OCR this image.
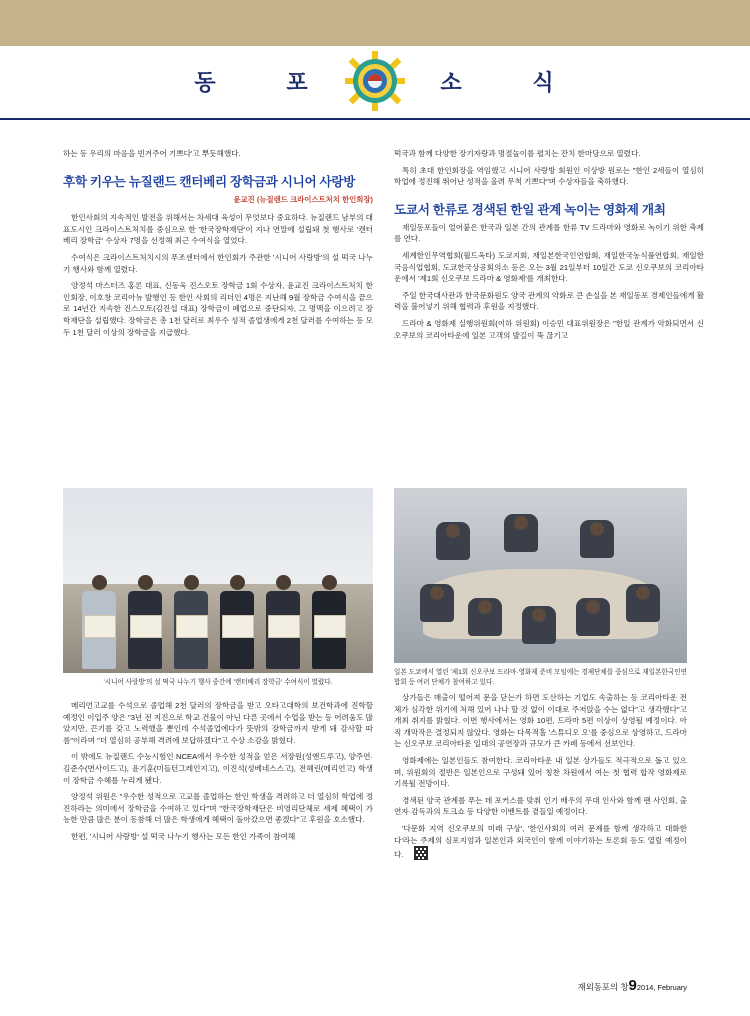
동	포	소	식

하는 등 우리의 마음을 빈겨주어 기쁘다'고 뿌듯해했다.

후학 키우는 뉴질랜드 캔터베리 장학금과 시니어 사랑방
윤교진 (뉴질랜드 크라이스트처치 한인회장)

한인사회의 지속적인 발전을 위해서는 차세대 육성이 무엇보다 중요하다. 뉴질랜드 남부의 대표도시인 크라이스트처치를 중심으로 한 '한국장학재단'이 지나 연말에 설립돼 첫 행사로 '캔터베리 장학금' 수상자 7명을 선정해 최근 수여식을 열었다.

수여식은 크라이스트처치시의 푸조센터에서 한인회가 주관한 '시니어 사랑방'의 설 떡국 나누기 행사와 함께 열렸다.

양정석 마스터즈 홍론 대표, 신동욱 진스오토 장학금 1회 수상자, 윤교진 크라이스트처치 한인회장, 이호창 코리아뉴 발행인 등 한인 사회의 리더인 4명은 지난해 9월 장학금 수여식을 끝으로 14년간 지속한 진스오토(김진섭 대표) 장학금이 폐업으로 중단되자, 그 명맥을 이으려고 장학재단을 설립했다. 장학금은 총 1천 달러로 최우수 성적 졸업생에게 2천 달러를 수여하는 등 모두 1천 달러 이상의 장학금을 지급했다.

떡국과 함께 다양한 장기자랑과 명절놀이를 펼치는 잔치 한마당으로 열렸다.

특히 초대 한인회장을 역임했고 시니어 사랑방 회원인 이상방 원로는 "한인 2세들이 열심히 학업에 정진해 뛰어난 성적을 올려 무척 기쁘다"며 수상자들을 축하했다.

도쿄서 한류로 경색된 한일 관계 녹이는 영화제 개최

재일동포들이 얼어붙은 한국과 일본 간의 관계를 한류 TV 드라마와 영화로 녹이기 위한 축제를 연다.

세계한인무역협회(월드옥타) 도쿄지회, 재일본한국인연합회, 재일한국농식품연합회, 재일한국음식업협회, 도쿄한국상공회의소 등은 오는 3월 21일부터 10일간 도쿄 신오쿠보의 코리아타운에서 '제1회 신오쿠보 드라마 & 영화제'를 개최한다.

주일 한국대사관과 한국문화원도 양국 관계의 악화로 큰 손실을 본 재일동포 경제인들에게 활력을 불어넣기 위해 협력과 후원을 지정했다.

드라마 & 영화제 실행위원회(이하 위원회) 이승민 대표위원장은 "한일 관계가 악화되면서 신오쿠보의 코리아타운에 일본 고객의 발길이 뚝 끊기고

'시니어 사랑방'의 설 떡국 나누기 행사 중간에 '캔터베리 장학금' 수여식이 열렸다.
일본 도쿄에서 열린 '제1회 신오쿠보 드라마·영화제 준비 모임에는 경제단체를 중심으로 재일본한국인연합회 등 여러 단체가 참여하고 있다.

메리언고교를 수석으로 졸업해 2천 달러의 장학금을 받고 오타고대학의 보건학과에 진학할 예정인 이입주 양은 "3년 전 지진으로 학교 건물이 아닌 다른 곳에서 수업을 받는 등 어려움도 많았지만, 끈기를 갖고 노력했을 뿐인데 수석졸업에다가 뜻밖의 장학금까지 받게 돼 감사할 따름"이라며 "더 열심히 공부해 격려에 보답하겠다"고 수상 소감을 밝혔다.

이 밖에도 뉴질랜드 수능시험인 NCEA에서 우수한 성적을 얻은 서장원(성앤드루고), 양주연·김준수(번사이드고), 윤기훈(미들턴그레인지고), 이진석(성베네스스고), 전혜린(메리언고) 학생이 장학금 수혜를 누리게 됐다.

양정석 위원은 "우수한 성적으로 고교를 졸업하는 한인 학생을 격려하고 더 열심히 학업에 정진하라는 의미에서 장학금을 수여하고 있다"며 "한국장학재단은 비영리단체로 세제 혜택이 가능한 만큼 많은 분이 동참해 더 많은 학생에게 혜택이 돌아갔으면 좋겠다"고 후원을 호소했다.

한편, '시니어 사랑방' 설 떡국 나누기 행사는 모든 한인 가족이 참여해

상가들은 매출이 떨어져 문을 닫는가 하면 도산하는 기업도 속출하는 등 코리아타운 전체가 심각한 위기에 처해 있어 나나 할 것 없이 이대로 주저앉을 수는 없다"고 생각했다"고 개최 취지를 밝혔다. 이번 행사에서는 영화 10편, 드라마 5편 이상이 상영될 예정이다. 아직 개막작은 결정되지 않았다. 영화는 다목적홀 '스튜디오 오'를 중심으로 상영하고, 드라마는 신오쿠보 코리아타운 일대의 공연장과 규모가 큰 카페 등에서 선보인다.

영화제에는 일본인들도 참여한다. 코리아타운 내 일본 상가들도 적극적으로 돕고 있으며, 위원회의 절반은 일본인으로 구성돼 있어 칭찬 차원에서 여는 첫 협력 합작 영화제로 기록될 전망이다.

경색된 양국 관계를 푸는 데 포커스를 맞춰 인기 배우의 무대 인사와 함께 팬 사인회, 출연자·감독과의 토크쇼 등 다양한 이벤트를 곁들일 예정이다.

'다문화 지역 신오쿠보의 미래 구상', '한인사회의 여러 문제를 함께 생각하고 대화한다'라는 주제의 심포지엄과 일본인과 외국인이 함께 이야기하는 토론회 등도 열릴 예정이다.

재외동포의 창92014, February
